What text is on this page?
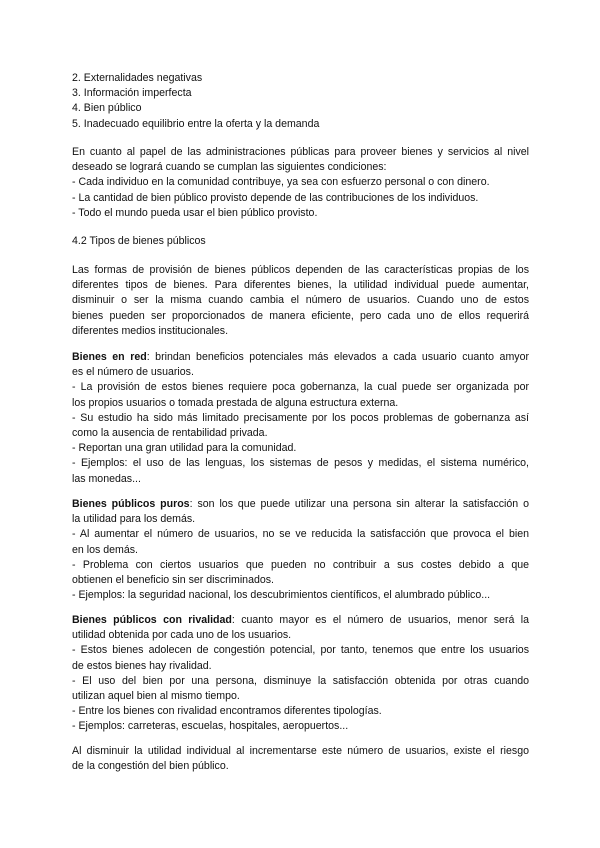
2. Externalidades negativas
3. Información imperfecta
4. Bien público
5. Inadecuado equilibrio entre la oferta y la demanda
En cuanto al papel de las administraciones públicas para proveer bienes y servicios al nivel
deseado se logrará cuando se cumplan las siguientes condiciones:
- Cada individuo en la comunidad contribuye, ya sea con esfuerzo personal o con dinero.
- La cantidad de bien público provisto depende de las contribuciones de los individuos.
- Todo el mundo pueda usar el bien público provisto.
4.2 Tipos de bienes públicos
Las formas de provisión de bienes públicos dependen de las características propias de los
diferentes tipos de bienes. Para diferentes bienes, la utilidad individual puede aumentar,
disminuir o ser la misma cuando cambia el número de usuarios. Cuando uno de estos
bienes pueden ser proporcionados de manera eficiente, pero cada uno de ellos requerirá
diferentes medios institucionales.
Bienes en red: brindan beneficios potenciales más elevados a cada usuario cuanto amyor
es el número de usuarios.
- La provisión de estos bienes requiere poca gobernanza, la cual puede ser organizada por
los propios usuarios o tomada prestada de alguna estructura externa.
- Su estudio ha sido más limitado precisamente por los pocos problemas de gobernanza así
como la ausencia de rentabilidad privada.
- Reportan una gran utilidad para la comunidad.
- Ejemplos: el uso de las lenguas, los sistemas de pesos y medidas, el sistema numérico,
las monedas...
Bienes públicos puros: son los que puede utilizar una persona sin alterar la satisfacción o
la utilidad para los demás.
- Al aumentar el número de usuarios, no se ve reducida la satisfacción que provoca el bien
en los demás.
- Problema con ciertos usuarios que pueden no contribuir a sus costes debido a que
obtienen el beneficio sin ser discriminados.
- Ejemplos: la seguridad nacional, los descubrimientos científicos, el alumbrado público...
Bienes públicos con rivalidad: cuanto mayor es el número de usuarios, menor será la
utilidad obtenida por cada uno de los usuarios.
- Estos bienes adolecen de congestión potencial, por tanto, tenemos que entre los usuarios
de estos bienes hay rivalidad.
- El uso del bien por una persona, disminuye la satisfacción obtenida por otras cuando
utilizan aquel bien al mismo tiempo.
- Entre los bienes con rivalidad encontramos diferentes tipologías.
- Ejemplos: carreteras, escuelas, hospitales, aeropuertos...
Al disminuir la utilidad individual al incrementarse este número de usuarios, existe el riesgo
de la congestión del bien público.
